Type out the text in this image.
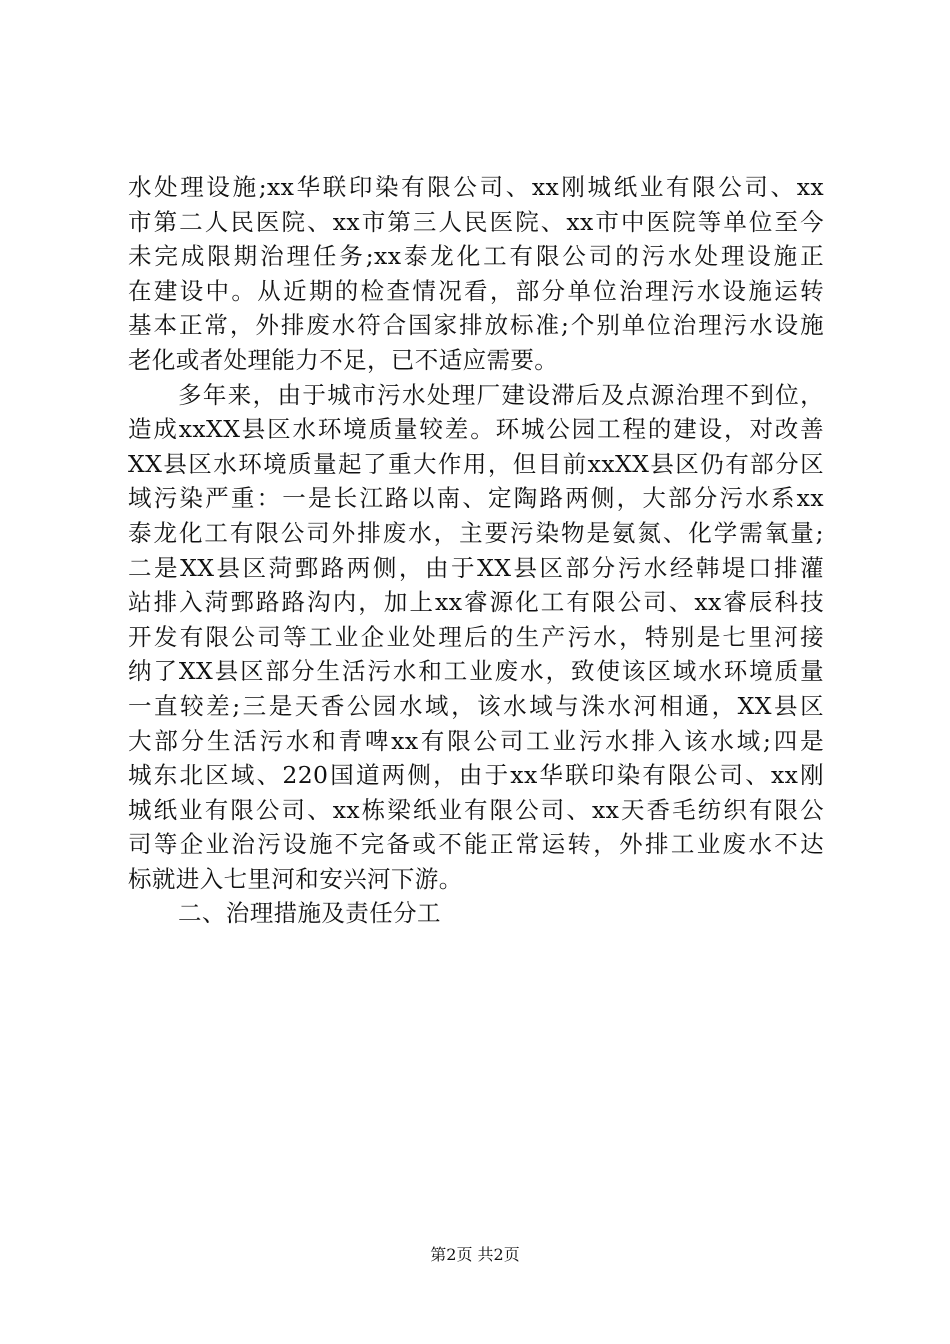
水处理设施;xx华联印染有限公司、xx刚城纸业有限公司、xx
市第二人民医院、xx市第三人民医院、xx市中医院等单位至今
未完成限期治理任务;xx泰龙化工有限公司的污水处理设施正
在建设中。从近期的检查情况看，部分单位治理污水设施运转
基本正常，外排废水符合国家排放标准;个别单位治理污水设施
老化或者处理能力不足，已不适应需要。
多年来，由于城市污水处理厂建设滞后及点源治理不到位，
造成xxXX县区水环境质量较差。环城公园工程的建设，对改善
XX县区水环境质量起了重大作用，但目前xxXX县区仍有部分区
域污染严重：一是长江路以南、定陶路两侧，大部分污水系xx
泰龙化工有限公司外排废水，主要污染物是氨氮、化学需氧量;
二是XX县区菏鄄路两侧，由于XX县区部分污水经韩堤口排灌
站排入菏鄄路路沟内，加上xx睿源化工有限公司、xx睿辰科技
开发有限公司等工业企业处理后的生产污水，特别是七里河接
纳了XX县区部分生活污水和工业废水，致使该区域水环境质量
一直较差;三是天香公园水域，该水域与洙水河相通，XX县区
大部分生活污水和青啤xx有限公司工业污水排入该水域;四是
城东北区域、220国道两侧，由于xx华联印染有限公司、xx刚
城纸业有限公司、xx栋梁纸业有限公司、xx天香毛纺织有限公
司等企业治污设施不完备或不能正常运转，外排工业废水不达
标就进入七里河和安兴河下游。
二、治理措施及责任分工
第2页 共2页
